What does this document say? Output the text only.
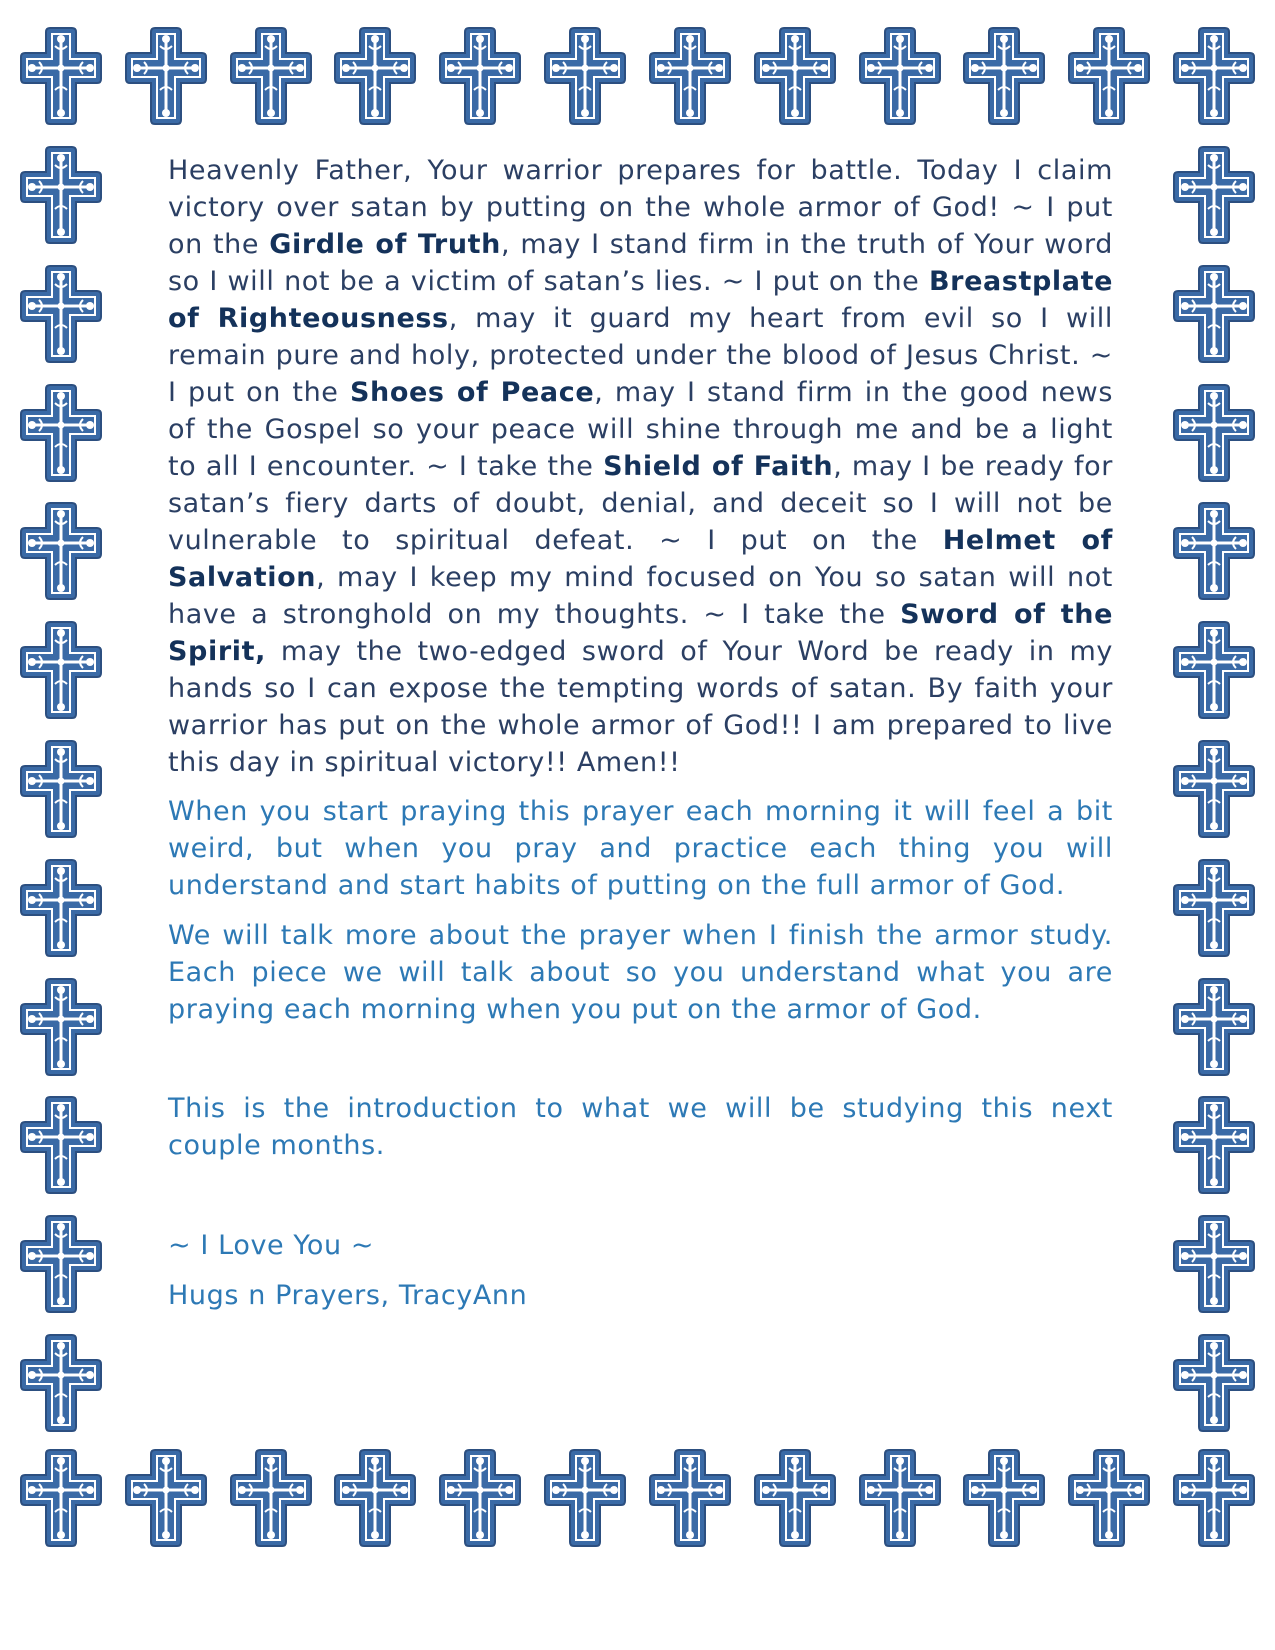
Heavenly Father, Your warrior prepares for battle. Today I claim victory over satan by putting on the whole armor of God! ~ I put on the Girdle of Truth, may I stand firm in the truth of Your word so I will not be a victim of satan’s lies. ~ I put on the Breastplate of Righteousness, may it guard my heart from evil so I will remain pure and holy, protected under the blood of Jesus Christ. ~ I put on the Shoes of Peace, may I stand firm in the good news of the Gospel so your peace will shine through me and be a light to all I encounter. ~ I take the Shield of Faith, may I be ready for satan’s fiery darts of doubt, denial, and deceit so I will not be vulnerable to spiritual defeat. ~ I put on the Helmet of Salvation, may I keep my mind focused on You so satan will not have a stronghold on my thoughts. ~ I take the Sword of the Spirit, may the two-edged sword of Your Word be ready in my hands so I can expose the tempting words of satan. By faith your warrior has put on the whole armor of God!! I am prepared to live this day in spiritual victory!! Amen!!

When you start praying this prayer each morning it will feel a bit weird, but when you pray and practice each thing you will understand and start habits of putting on the full armor of God.

We will talk more about the prayer when I finish the armor study. Each piece we will talk about so you understand what you are praying each morning when you put on the armor of God.

This is the introduction to what we will be studying this next couple months.

~ I Love You ~
Hugs n Prayers, TracyAnn
